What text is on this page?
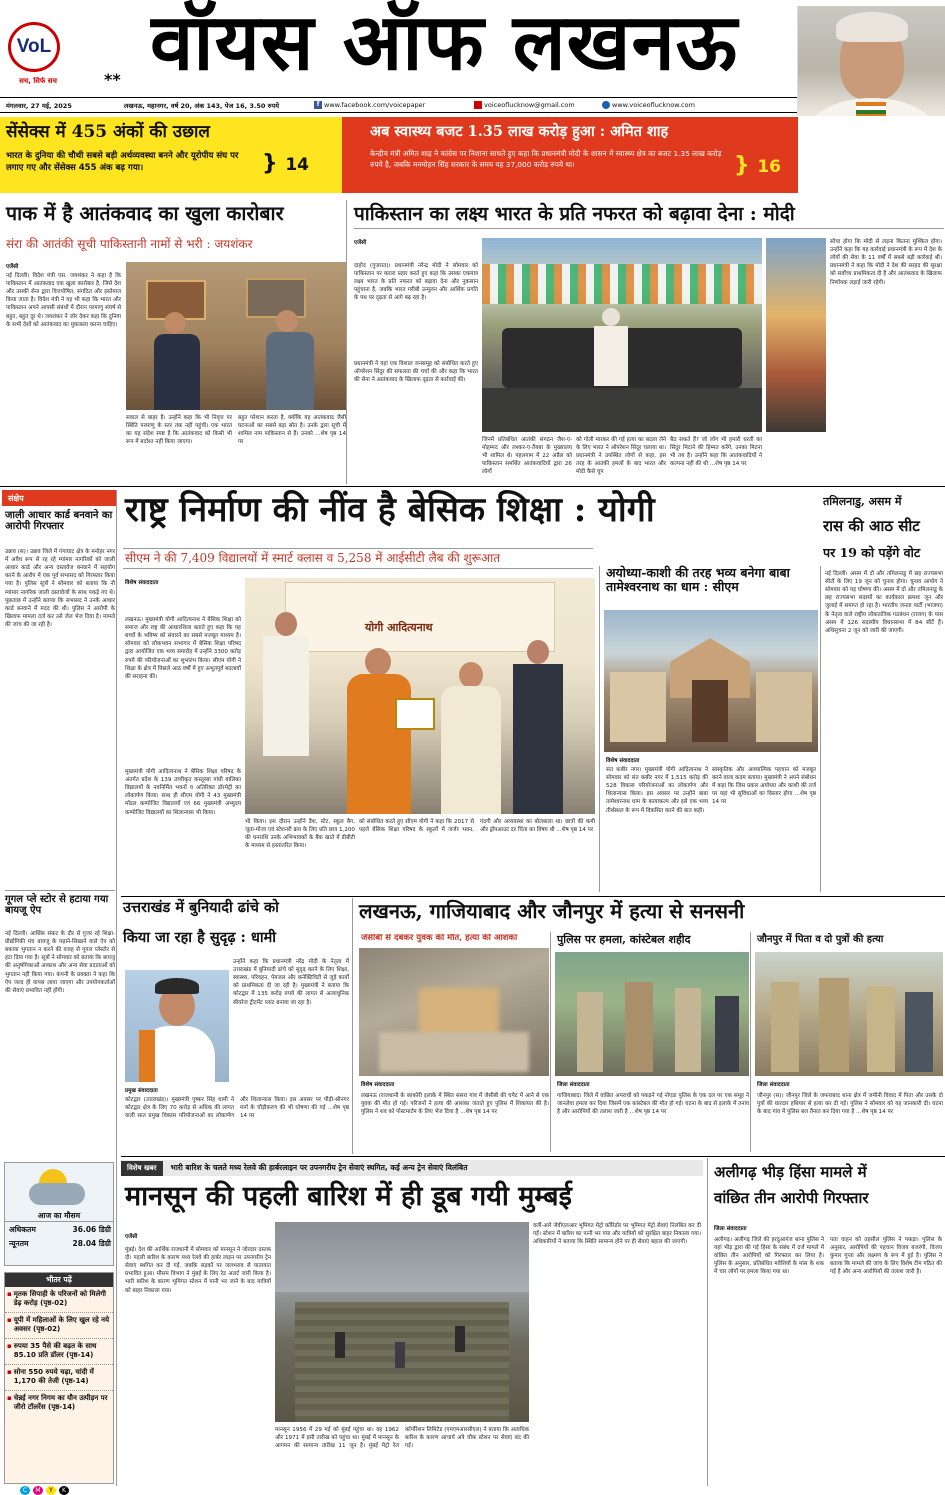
VoL
सच, सिर्फ सच	** वॉयस ऑफ लखनऊ
मंगलवार, 27 मई, 2025	लखनऊ, महानगर, वर्ष 20, अंक 143, पेज 16, 3.50 रुपये	f www.facebook.com/voicepaper	voiceoflucknow@gmail.com	www.voiceoflucknow.com
सेंसेक्स में 455 अंकों की उछाल
भारत के दुनिया की चौथी सबसे बड़ी अर्थव्यवस्था बनने और यूरोपीय संघ पर लगाए गए और सेंसेक्स 455 अंक बढ़ गया।	} 14
अब स्वास्थ्य बजट 1.35 लाख करोड़ हुआ : अमित शाह
केन्द्रीय मंत्री अमित शाह ने कांग्रेस पर निशाना साधते हुए कहा कि प्रधानमंत्री मोदी के शासन में स्वास्थ्य क्षेत्र का बजट 1.35 लाख करोड़ रुपये है, जबकि मनमोहन सिंह सरकार के समय यह 37,000 करोड़ रुपये था।	} 16
पाक में है आतंकवाद का खुला कारोबार
संरा की आतंकी सूची पाकिस्तानी नामों से भरी : जयशंकर
एजेंसी
नई दिल्ली। विदेश मंत्री एस. जयशंकर ने कहा है कि पाकिस्तान में आतंकवाद एक खुला कारोबार है, जिसे देश और उसकी सेना द्वारा वित्तपोषित, संगठित और इस्तेमाल किया जाता है। विदेश मंत्री ने यह भी कहा कि भारत और पाकिस्तान अपने आपसी संबंधों में दौरान परमाणु संघर्ष से बहुत, बहुत दूर थे। जयशंकर ने जोर देकर कहा कि दुनिया के सभी देशों को आतंकवाद का मुकाबला करना चाहिए।
सवाल से बाहर है। उन्होंने कहा कि भी निवृत्त पर स्थिति परमाणु के स्तर तक नहीं पहुंची। एक भारत का यह संदेश स्पष्ट है कि आतंकवाद को किसी भी रूप में बर्दाश्त नहीं किया जाएगा।
बहुत परेशान करता है, क्योंकि यह आतंकवाद जैसी घटनाओं का सबसे बड़ा स्रोत है। उनके द्वारा सूची में शामिल नाम पाकिस्तान से हैं। उनको ...शेष पृष्ठ 14 पर
पाकिस्तान का लक्ष्य भारत के प्रति नफरत को बढ़ावा देना : मोदी
एजेंसी
दाहोद (गुजरात)। प्रधानमंत्री नरेन्द्र मोदी ने सोमवार को पाकिस्तान पर करारा प्रहार करते हुए कहा कि उसका एकमात्र लक्ष्य भारत के प्रति नफरत को बढ़ावा देना और नुकसान पहुंचाना है, जबकि भारत गरीबी उन्मूलन और आर्थिक प्रगति के पथ पर दृढ़ता से आगे बढ़ रहा है।
प्रधानमंत्री ने यहां एक विशाल जनसमूह को संबोधित करते हुए ऑपरेशन सिंदूर की सफलता की चर्चा की और कहा कि भारत की सेना ने आतंकवाद के खिलाफ दृढ़ता से कार्रवाई की।
जिनमें प्रतिबंधित आतंकी संगठन जैश-ए-मोहम्मद और लश्कर-ए-तैयबा के मुख्यालय भी शामिल थे। पहलगाम में 22 अप्रैल को पाकिस्तान समर्थित आतंकवादियों द्वारा 26 लोगों
को गोली मारकर की गई हत्या का बदला लेने के लिए भारत ने ऑपरेशन सिंदूर चलाया था। प्रधानमंत्री ने उपस्थित लोगों से कहा, इस तरह के आतंकी हमलों के बाद भारत और मोदी कैसे चुप
बैठ सकते हैं? जो लोग भी हमारी धरती का सिंदूर मिटाने की हिम्मत करेंगे, उनका मिटना भी तय है। उन्होंने कहा कि आतंकवादियों ने कल्पना नहीं की थी ...शेष पृष्ठ 14 पर
सोचा होगा कि मोदी से लड़ना कितना मुश्किल होगा। उन्होंने कहा कि यह कार्रवाई प्रधानमंत्री के रूप में देश के लोगों की सेवा के 11 वर्षों में सबसे बड़ी कार्रवाई थी। प्रधानमंत्री ने कहा कि मोदी ने देश की सरहद की सुरक्षा को सर्वोच्च प्राथमिकता दी है और आतंकवाद के खिलाफ निर्णायक लड़ाई जारी रहेगी।
संक्षेप
जाली आधार कार्ड बनवाने का आरोपी गिरफ्तार
उन्नाव (स)। उन्नाव जिले में गंगाघाट क्षेत्र के मनोहर नगर में अवैध रूप से रह रहे म्यांमार नागरिकों को जाली आधार कार्ड और अन्य दस्तावेज बनवाने में सहयोग करने के आरोप में एक पूर्व सभासद को गिरफ्तार किया गया है। पुलिस सूत्रों ने सोमवार को बताया कि नौ म्यांमार नागरिक जाली दस्तावेजों के साथ पकड़े गए थे। पूछताछ में उन्होंने बताया कि सभासद ने उनके आधार कार्ड बनवाने में मदद की थी। पुलिस ने आरोपी के खिलाफ मामला दर्ज कर उसे जेल भेज दिया है। मामले की जांच की जा रही है।
गूगल प्ले स्टोर से हटाया गया बायजू ऐप
नई दिल्ली। आर्थिक संकट के दौर से गुजर रहे शिक्षा-प्रौद्योगिकी मंच बायजू के पढ़ाने-सिखाने वाले ऐप को बकाया भुगतान न करने की वजह से गूगल प्लेस्टोर से हटा दिया गया है। सूत्रों ने सोमवार को बताया कि बायजू की अनुषंगिकाओं आकाश और अन्य सेवा प्रदाताओं को भुगतान नहीं किया गया। कंपनी के प्रवक्ता ने कहा कि ऐप जल्द ही वापस लाया जाएगा और उपयोगकर्ताओं की सेवाएं प्रभावित नहीं होंगी।
आज का मौसम
अधिकतम	36.06 डिग्री
न्यूनतम	28.04 डिग्री
भीतर पढ़ें
▪ मृतक सिपाही के परिजनों को मिलेगी डेढ़ करोड़ (पृष्ठ-02)
▪ यूपी में महिलाओं के लिए खुल रहे नये अवसर (पृष्ठ-02)
▪ रुपया 35 पैसे की बढ़त के साथ 85.10 प्रति डॉलर (पृष्ठ-14)
▪ सोना 550 रुपये चढ़ा, चांदी में 1,170 की तेजी (पृष्ठ-14)
▪ चेन्नई नगर निगम का यौन उत्पीड़न पर जीरो टॉलरेंस (पृष्ठ-14)
राष्ट्र निर्माण की नींव है बेसिक शिक्षा : योगी
सीएम ने की 7,409 विद्यालयों में स्मार्ट क्लास व 5,258 में आईसीटी लैब की शुरूआत
विशेष संवाददाता
लखनऊ। मुख्यमंत्री योगी आदित्यनाथ ने बेसिक शिक्षा को समाज और राष्ट्र की आधारशिला बताते हुए कहा कि यह बच्चों के भविष्य को संवारने का सबसे मजबूत माध्यम है। सोमवार को लोकभवन सभागार में बेसिक शिक्षा परिषद द्वारा आयोजित एक भव्य समारोह में उन्होंने 3300 करोड़ रुपये की परियोजनाओं का शुभारंभ किया। सीएम योगी ने शिक्षा के क्षेत्र में पिछले आठ वर्षों में हुए अभूतपूर्व बदलावों की सराहना की।
मुख्यमंत्री योगी आदित्यनाथ ने बेसिक शिक्षा परिषद के अंतर्गत प्रदेश के 139 उच्चीकृत कस्तूरबा गांधी बालिका विद्यालयों के नवनिर्मित भवनों व अतिरिक्त डॉरमेट्री का लोकार्पण किया। साथ ही सीएम योगी ने 43 मुख्यमंत्री मॉडल कम्पोजिट विद्यालयों एवं 66 मुख्यमंत्री अभ्युदय कम्पोजिट विद्यालयों का शिलान्यास भी किया।
योगी आदित्यनाथ
भी किया। इस दौरान उन्होंने डैश, स्टेट, स्कूल बैग, जूता-मोजा एवं स्टेशनरी क्रय के लिए प्रति छात्र 1,200 की धनराशि उनके अभिभावकों के बैंक खाते में डीबीटी के माध्यम से हस्तांतरित किया।
को संबोधित करते हुए सीएम योगी ने कहा कि 2017 से पहले बेसिक शिक्षा परिषद के स्कूलों में जर्जर भवन, गंदगी और अव्यवस्था का बोलबाला था। छात्रों की कमी और ड्रॉपआउट दर चिंता का विषय थी ...शेष पृष्ठ 14 पर
अयोध्या-काशी की तरह भव्य बनेगा बाबा तामेश्वरनाथ का धाम : सीएम
विशेष संवाददाता
संत कबीर नगर। मुख्यमंत्री योगी आदित्यनाथ ने सोमवार को संत कबीर नगर में 1,515 करोड़ की 528 विकास परियोजनाओं का लोकार्पण और शिलान्यास किया। इस अवसर पर उन्होंने बाबा तामेश्वरनाथ धाम के कायाकल्प और इसे एक भव्य तीर्थस्थल के रूप में विकसित करने की बात कही।
सांस्कृतिक और आध्यात्मिक पहचान को मजबूत करने वाला कदम बताया। मुख्यमंत्री ने अपने संबोधन में कहा कि जिस प्रकार अयोध्या और काशी की तर्ज पर यहां भी सुविधाओं का विस्तार होगा ...शेष पृष्ठ 14 पर
तमिलनाडु, असम में
रास की आठ सीट
पर 19 को पड़ेंगे वोट
नई दिल्ली। असम में दो और तमिलनाडु में छह राज्यसभा सीटों के लिए 19 जून को चुनाव होगा। चुनाव आयोग ने सोमवार को यह घोषणा की। असम में दो और तमिलनाडु के छह राज्यसभा सदस्यों का कार्यकाल क्रमशः जून और जुलाई में समाप्त हो रहा है। भारतीय जनता पार्टी (भाजपा) के नेतृत्व वाले राष्ट्रीय लोकतांत्रिक गठबंधन (राजग) के पास असम में 126 सदस्यीय विधानसभा में 84 सीटें हैं। अधिसूचना 2 जून को जारी की जाएगी।
उत्तराखंड में बुनियादी ढांचे को
किया जा रहा है सुदृढ़ : धामी
प्रमुख संवाददाता
उन्होंने कहा कि प्रधानमंत्री नरेंद्र मोदी के नेतृत्व में उत्तराखंड में बुनियादी ढांचे को सुदृढ़ करने के लिए शिक्षा, स्वास्थ्य, परिवहन, पेयजल और कनेक्टिविटी से जुड़े कार्यों को प्राथमिकता दी जा रही है। मुख्यमंत्री ने बताया कि कोटद्वार में 135 करोड़ रुपये की लागत से अत्याधुनिक सीवरेज ट्रीटमेंट प्लांट बनाया जा रहा है।
कोटद्वार (उत्तराखंड)। मुख्यमंत्री पुष्कर सिंह धामी ने कोटद्वार क्षेत्र के लिए 70 करोड़ से अधिक की लागत वाली सात प्रमुख विकास परियोजनाओं का लोकार्पण और शिलान्यास किया। इस अवसर पर पौड़ी-श्रीनगर मार्ग के चौड़ीकरण की भी घोषणा की गई ...शेष पृष्ठ 14 पर
लखनऊ, गाजियाबाद और जौनपुर में हत्या से सनसनी
जेसीबी से दबकर युवक की मौत, हत्या की आशंका
विशेष संवाददाता
लखनऊ (राजधानी के काकोरी इलाके में स्थित ससरा गांव में जेसीबी की चपेट में आने से एक युवक की मौत हो गई। परिजनों ने हत्या की आशंका जताते हुए पुलिस में शिकायत की है। पुलिस ने शव को पोस्टमार्टम के लिए भेज दिया है ...शेष पृष्ठ 14 पर
पुलिस पर हमला, कांस्टेबल शहीद
जिला संवाददाता
गाजियाबाद। जिले में वांछित अपराधी को पकड़ने गई नोएडा पुलिस के एक दल पर एक समूह ने जानलेवा हमला कर दिया जिसमें एक कांस्टेबल की मौत हो गई। घटना के बाद से इलाके में तनाव है और आरोपियों की तलाश जारी है ...शेष पृष्ठ 14 पर
जौनपुर में पिता व दो पुत्रों की हत्या
जिला संवाददाता
जौनपुर (स)। जौनपुर जिले के जफराबाद थाना क्षेत्र में जमीनी विवाद में पिता और उसके दो पुत्रों की धारदार हथियार से हत्या कर दी गई। पुलिस ने सोमवार को यह जानकारी दी। घटना के बाद गांव में पुलिस बल तैनात कर दिया गया है ...शेष पृष्ठ 14 पर
विशेष खबर	भारी बारिश के चलते मध्य रेलवे की हार्बरलाइन पर उपनगरीय ट्रेन सेवाएं स्थगित, कई अन्य ट्रेन सेवाएं विलंबित
मानसून की पहली बारिश में ही डूब गयी मुम्बई
एजेंसी
मुंबई। देश की आर्थिक राजधानी में सोमवार को मानसून ने जोरदार दस्तक दी। पहली बारिश के कारण मध्य रेलवे की हार्बर लाइन पर उपनगरीय ट्रेन सेवाएं स्थगित कर दी गईं, जबकि सड़कों पर जलभराव से यातायात प्रभावित हुआ। मौसम विभाग ने मुंबई के लिए रेड अलर्ट जारी किया है। भारी बारिश के कारण भूमिगत स्टेशन में पानी भर जाने के बाद यात्रियों को बाहर निकाला गया।
मानसून 1956 में 29 मई को मुंबई पहुंचा था। वह 1962 और 1971 में इसी तारीख को पहुंचा था। मुंबई में मानसून के आगमन की सामान्य तारीख 11 जून है। मुंबई मेट्रो रेल कॉर्पोरेशन लिमिटेड (एमएमआरसीएल) ने बताया कि अत्यधिक बारिश के कारण आचार्य अत्रे चौक स्टेशन पर सेवाएं बंद की गईं।
वर्ली-आरे जेवीएलआर भूमिगत मेट्रो कॉरिडोर पर भूमिगत मेट्रो सेवाएं निलंबित कर दी गईं। स्टेशन में बारिश का पानी भर गया और यात्रियों को सुरक्षित बाहर निकाला गया। अधिकारियों ने बताया कि स्थिति सामान्य होने पर ही सेवाएं बहाल की जाएंगी।
अलीगढ़ भीड़ हिंसा मामले में
वांछित तीन आरोपी गिरफ्तार
जिला संवाददाता
अलीगढ़। अलीगढ़ जिले की हरदुआगंज थाना पुलिस ने यहां भीड़ द्वारा की गई हिंसा के संबंध में दर्ज मामले में वांछित तीन आरोपियों को गिरफ्तार कर लिया है। पुलिस के अनुसार, प्रतिबंधित मवेशियों के मांस के शक में चार लोगों पर हमला किया गया था।
पता वाहन को तहसील पुलिस ने पकड़ा। पुलिस के अनुसार, आरोपियों की पहचान विजय बजरंगी, विजय कुमार गुप्ता और लक्ष्मण के रूप में हुई है। पुलिस ने बताया कि मामले की जांच के लिए विशेष टीम गठित की गई है और अन्य आरोपियों की तलाश जारी है।
C	M	Y	K
